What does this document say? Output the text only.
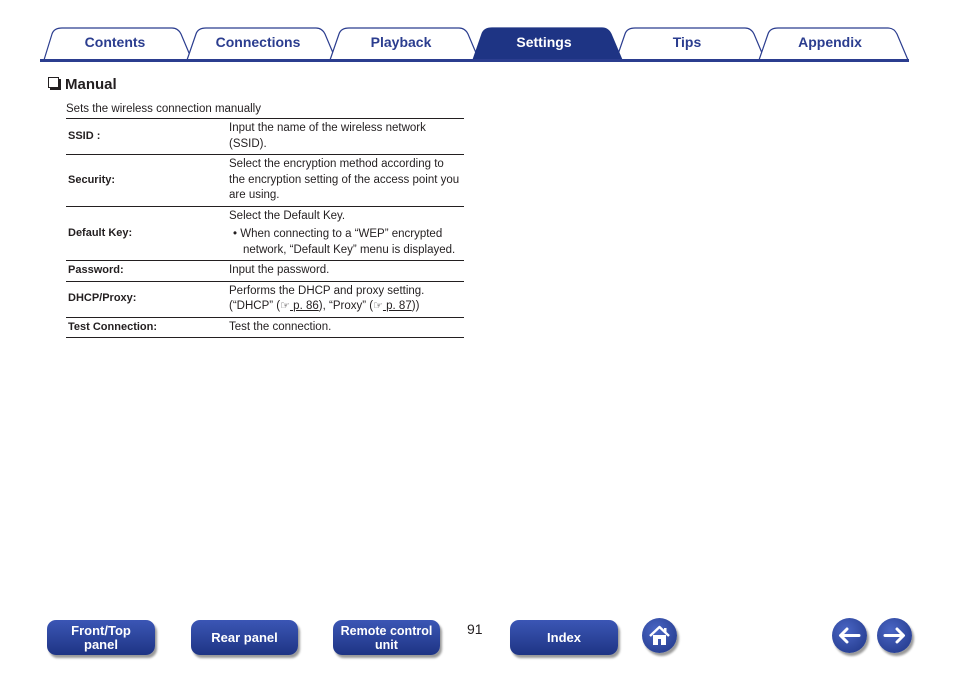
Contents	Connections	Playback	Settings	Tips	Appendix
Manual
Sets the wireless connection manually
SSID :	Input the name of the wireless network (SSID).
Security:	Select the encryption method according to the encryption setting of the access point you are using.
Default Key:	Select the Default Key.
• When connecting to a “WEP” encrypted network, “Default Key” menu is displayed.

Password:	Input the password.
DHCP/Proxy:	Performs the DHCP and proxy setting.
(“DHCP” (☞ p. 86), “Proxy” (☞ p. 87))

Test Connection:	Test the connection.
Front/Top panel	Rear panel	Remote control unit
91	Index
